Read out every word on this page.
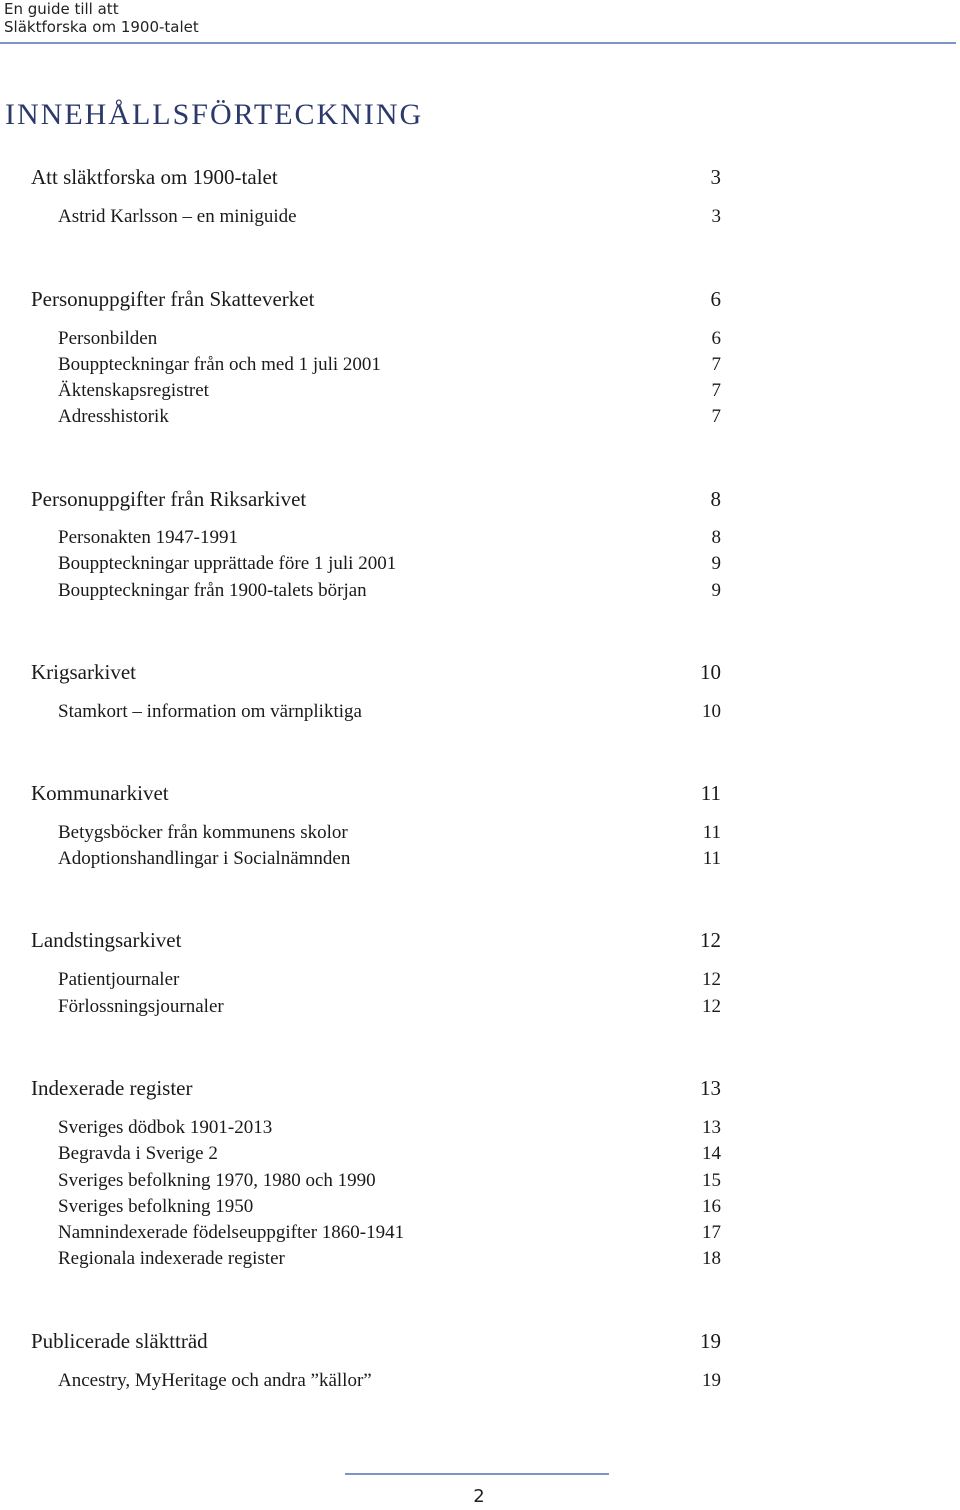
En guide till att
Släktforska om 1900-talet
INNEHÅLLSFÖRTECKNING
Att släktforska om 1900-talet	3
Astrid Karlsson – en miniguide	3
Personuppgifter från Skatteverket	6
Personbilden	6
Bouppteckningar från och med 1 juli 2001	7
Äktenskapsregistret	7
Adresshistorik	7
Personuppgifter från Riksarkivet	8
Personakten 1947-1991	8
Bouppteckningar upprättade före 1 juli 2001	9
Bouppteckningar från 1900-talets början	9
Krigsarkivet	10
Stamkort – information om värnpliktiga	10
Kommunarkivet	11
Betygsböcker från kommunens skolor	11
Adoptionshandlingar i Socialnämnden	11
Landstingsarkivet	12
Patientjournaler	12
Förlossningsjournaler	12
Indexerade register	13
Sveriges dödbok 1901-2013	13
Begravda i Sverige 2	14
Sveriges befolkning 1970, 1980 och 1990	15
Sveriges befolkning 1950	16
Namnindexerade födelseuppgifter 1860-1941	17
Regionala indexerade register	18
Publicerade släktträd	19
Ancestry, MyHeritage och andra ”källor”	19
2
